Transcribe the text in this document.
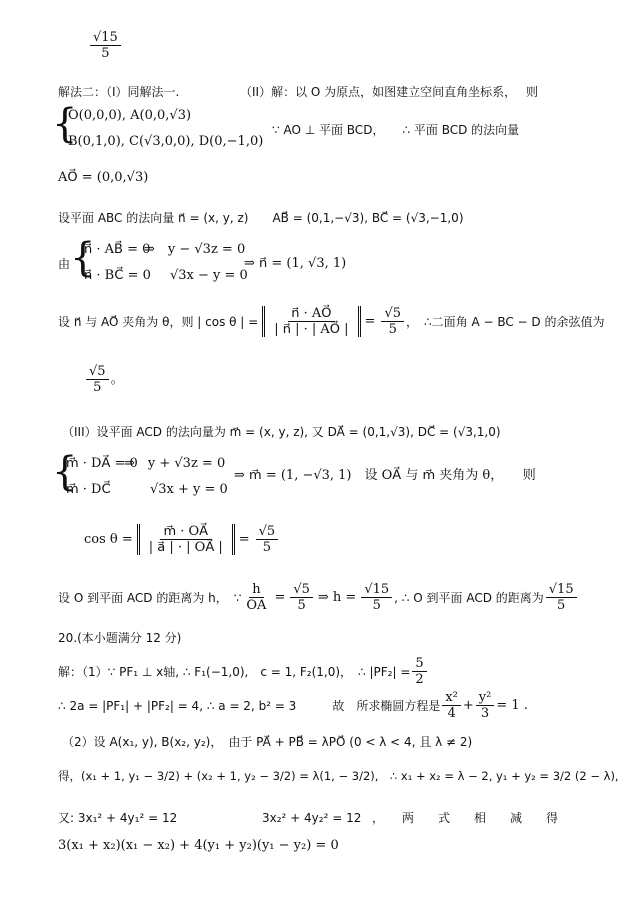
$\frac{√15}{5}$
解法二：（I）同解法一.	（II）解：以 O 为原点，如图建立空间直角坐标系，　 则
{
O(0,0,0), A(0,0,√3)
B(0,1,0), C(√3,0,0), D(0,−1,0)
∵ AO ⊥ 平面 BCD，　　∴ 平面 BCD 的法向量
AO⃗ = (0,0,√3)
设平面 ABC 的法向量 n⃗ = (x, y, z)　　AB⃗ = (0,1,−√3), BC⃗ = (√3,−1,0)
由 {
n⃗ · AB⃗ = 0
n⃗ · BC⃗ = 0
⇒　y − √3z = 0
√3x − y = 0
⇒ n⃗ = (1, √3, 1)
设 n⃗ 与 AO⃗ 夹角为 θ，则 | cos θ | = $\frac{n⃗ \cdot AO⃗}{| n⃗ | \cdot | AO⃗ |} = \frac{√5}{5}$ ，　∴二面角 A − BC − D 的余弦值为
$\frac{√5}{5}$ 。
（III）设平面 ACD 的法向量为 m⃗ = (x, y, z), 又 DA⃗ = (0,1,√3), DC⃗ = (√3,1,0)
{
m⃗ · DA⃗ = 0
m⃗ · DC⃗
⇒　y + √3z = 0
√3x + y = 0
⇒ m⃗ = (1, −√3, 1)　设 OA⃗ 与 m⃗ 夹角为 θ，　　则
$\cos \theta = \frac{m⃗ \cdot OA⃗}{| a⃗ | \cdot | OA⃗ |} = \frac{√5}{5}$
设 O 到平面 ACD 的距离为 h，　∵ $\frac{h}{OA} = \frac{√5}{5}$ ⇒ $h = \frac{√15}{5}$ , ∴ O 到平面 ACD 的距离为 $\frac{√15}{5}$
20.(本小题满分 12 分)
解：（1）∵ PF₁ ⊥ x轴, ∴ F₁(−1,0),　c = 1, F₂(1,0)，　∴ $|PF_2| = \frac{5}{2}$
∴ 2a = |PF₁| + |PF₂| = 4, ∴ a = 2, b² = 3　　　故　所求椭圆方程是 $\frac{\text{x²}}{4} + \frac{\text{y²}}{3} = 1$ .
（2）设 A(x₁, y), B(x₂, y₂)，　由于 PA⃗ + PB⃗ = λPO⃗ (0 < λ < 4, 且 λ ≠ 2)
得，(x₁ + 1, y₁ − 3/2) + (x₂ + 1, y₂ − 3/2) = λ(1, − 3/2),　∴ x₁ + x₂ = λ − 2, y₁ + y₂ = 3/2 (2 − λ),
又: 3x₁² + 4y₁² = 12	3x₂² + 4y₂² = 12 ，　　两　　式　　相　　减　　得
3(x₁ + x₂)(x₁ − x₂) + 4(y₁ + y₂)(y₁ − y₂) = 0
